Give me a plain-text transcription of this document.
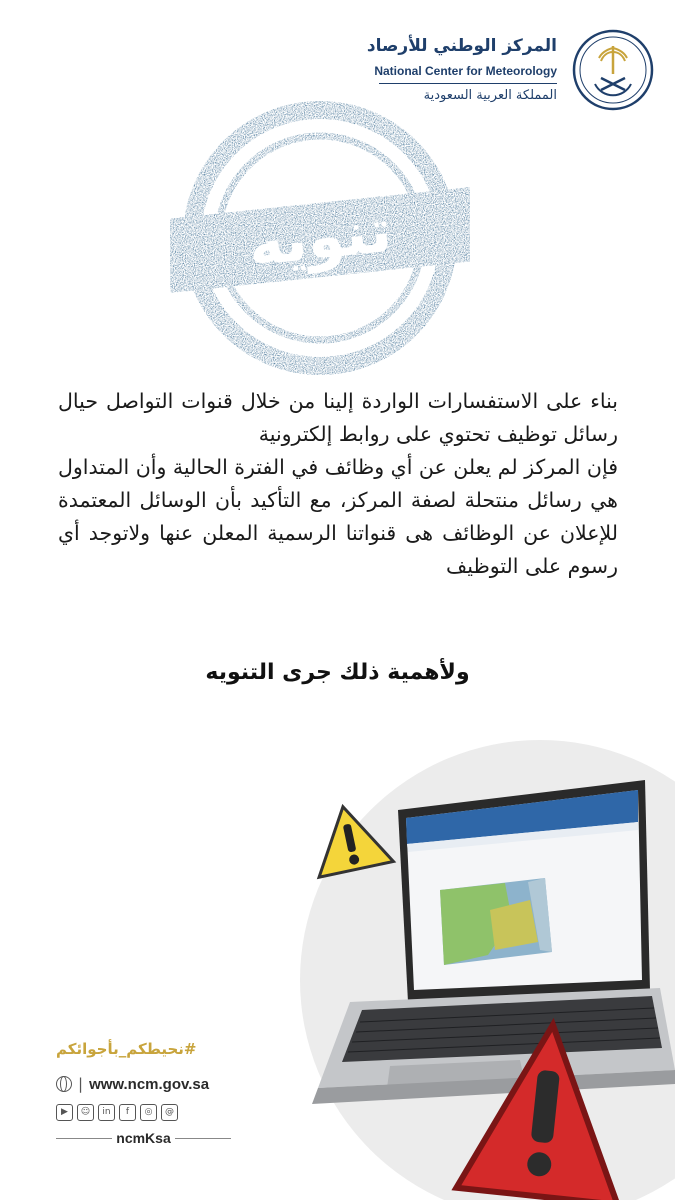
المركز الوطني للأرصاد
National Center for Meteorology
المملكة العربية السعودية
تنويه

بناء على الاستفسارات الواردة إلينا من خلال قنوات التواصل حيال رسائل توظيف تحتوي على روابط إلكترونية

فإن المركز لم يعلن عن أي وظائف في الفترة الحالية وأن المتداول هي رسائل منتحلة لصفة المركز، مع التأكيد بأن الوسائل المعتمدة للإعلان عن الوظائف هى قنواتنا الرسمية المعلن عنها ولاتوجد أي رسوم على التوظيف

ولأهمية ذلك جرى التنويه
#نحيطكم_بأجوائكم
| www.ncm.gov.sa
▶	☺	in	f	◎	@
ncmKsa
